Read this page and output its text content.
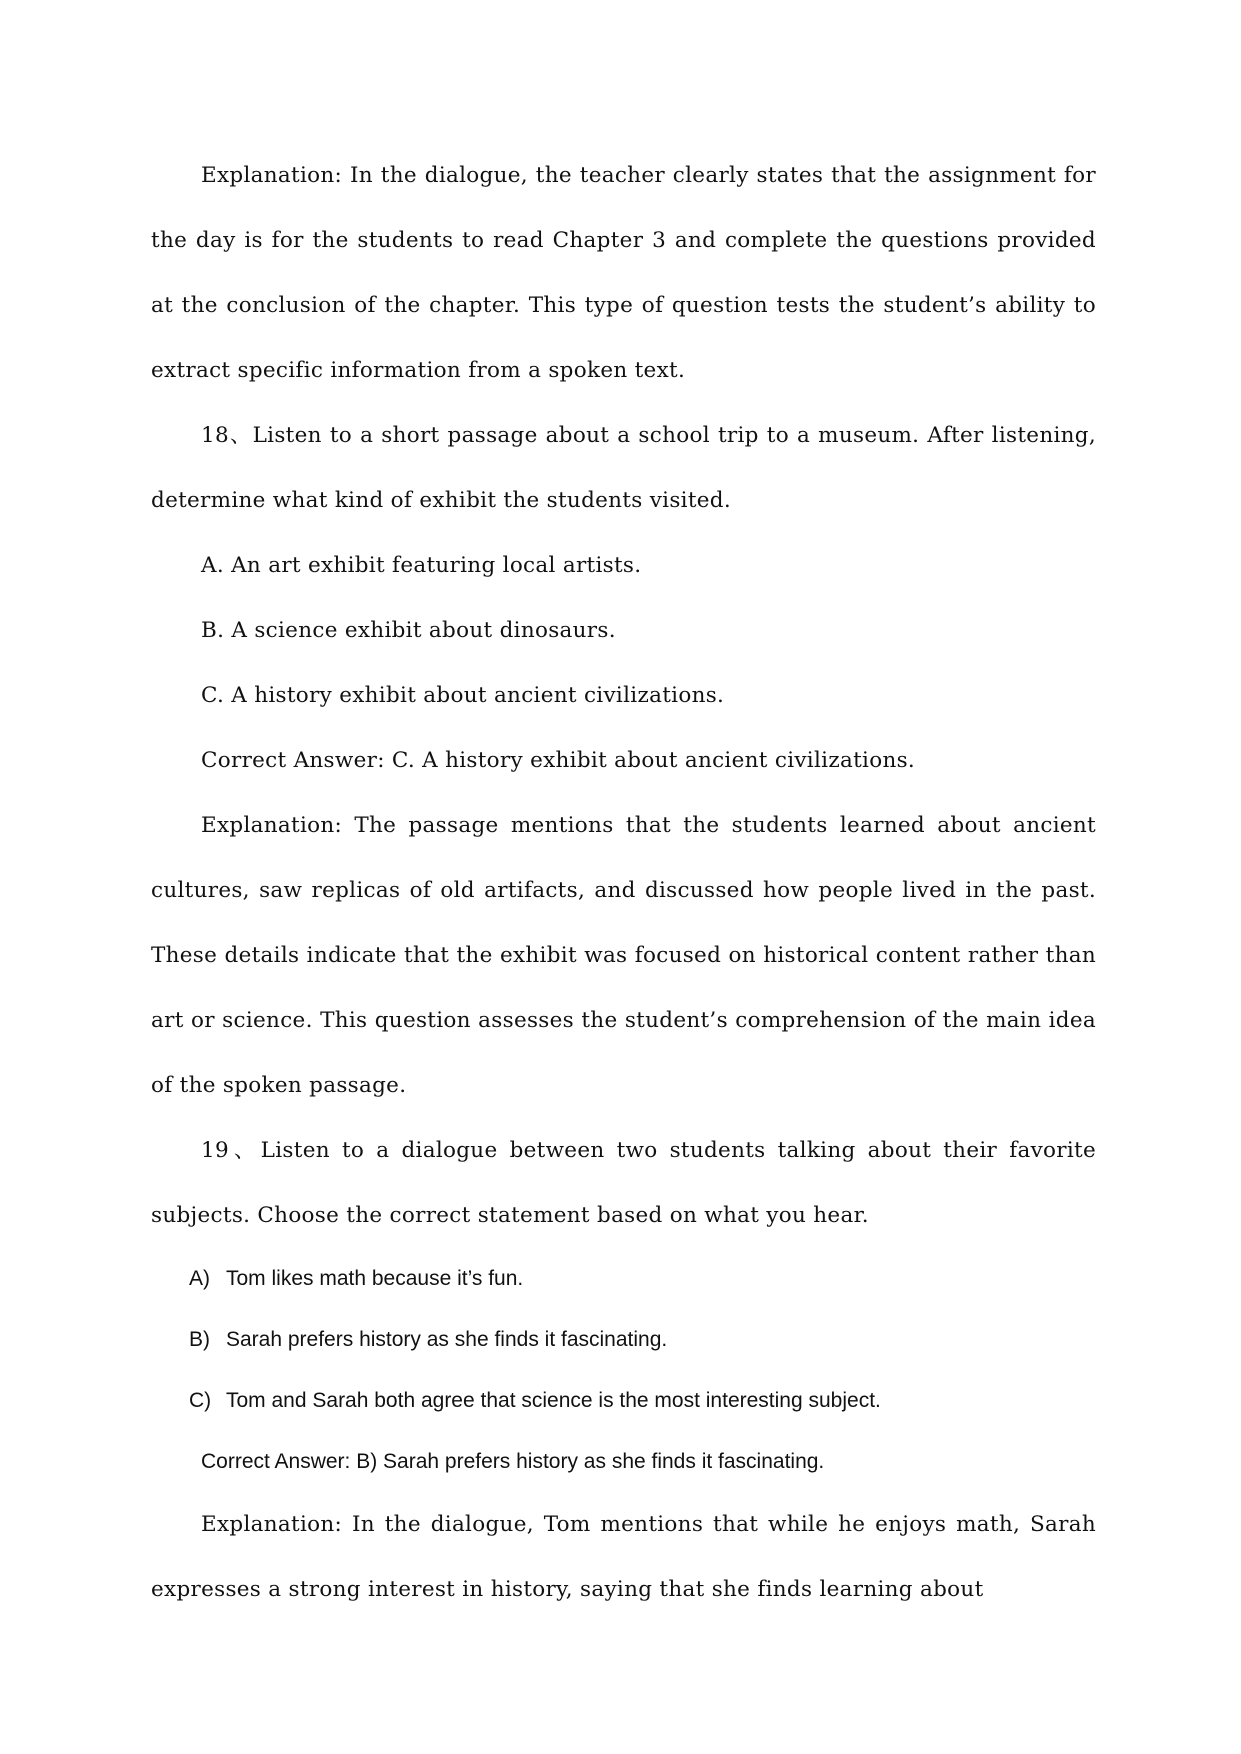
Explanation: In the dialogue, the teacher clearly states that the assignment for the day is for the students to read Chapter 3 and complete the questions provided at the conclusion of the chapter. This type of question tests the student’s ability to extract specific information from a spoken text.

18、Listen to a short passage about a school trip to a museum. After listening, determine what kind of exhibit the students visited.

A. An art exhibit featuring local artists.

B. A science exhibit about dinosaurs.

C. A history exhibit about ancient civilizations.

Correct Answer: C. A history exhibit about ancient civilizations.

Explanation: The passage mentions that the students learned about ancient cultures, saw replicas of old artifacts, and discussed how people lived in the past. These details indicate that the exhibit was focused on historical content rather than art or science. This question assesses the student’s comprehension of the main idea of the spoken passage.

19、Listen to a dialogue between two students talking about their favorite subjects. Choose the correct statement based on what you hear.

A) Tom likes math because it’s fun.
B) Sarah prefers history as she finds it fascinating.
C) Tom and Sarah both agree that science is the most interesting subject.

Correct Answer: B) Sarah prefers history as she finds it fascinating.

Explanation: In the dialogue, Tom mentions that while he enjoys math, Sarah expresses a strong interest in history, saying that she finds learning about
